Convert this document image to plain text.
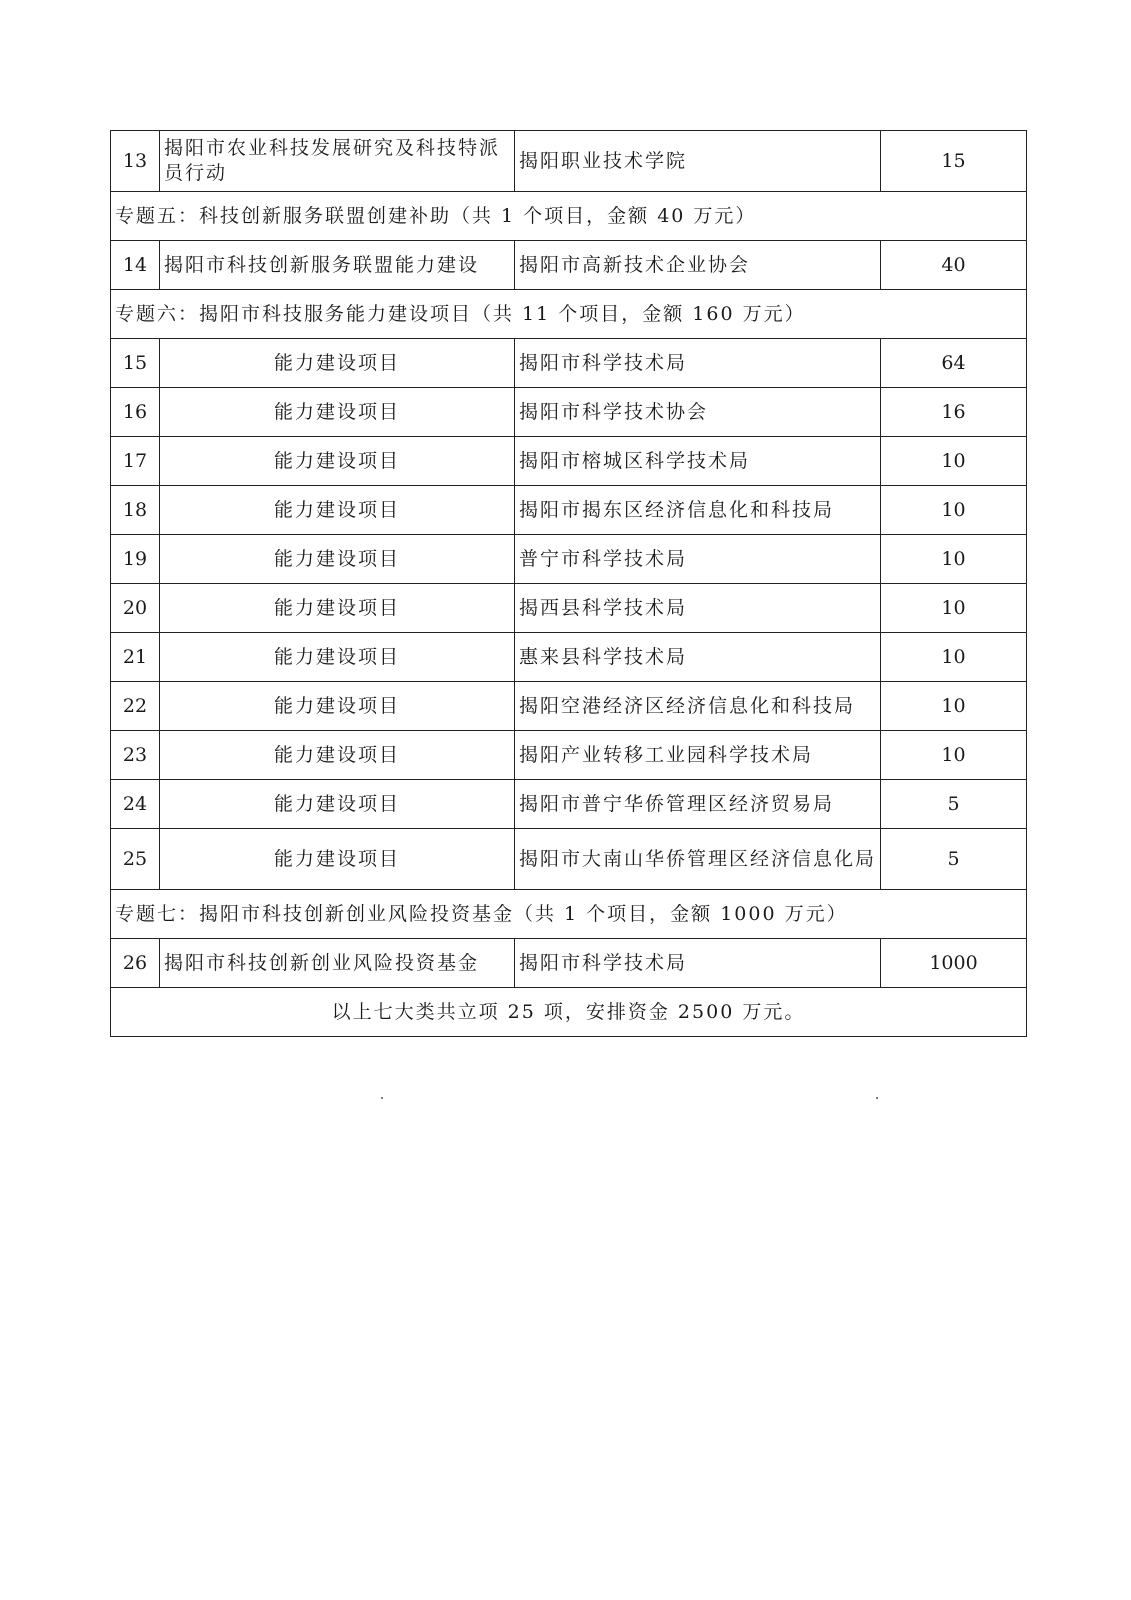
13	揭阳市农业科技发展研究及科技特派员行动	揭阳职业技术学院	15
专题五：科技创新服务联盟创建补助（共 1 个项目，金额 40 万元）			
14	揭阳市科技创新服务联盟能力建设	揭阳市高新技术企业协会	40
专题六：揭阳市科技服务能力建设项目（共 11 个项目，金额 160 万元）			
15	能力建设项目	揭阳市科学技术局	64
16	能力建设项目	揭阳市科学技术协会	16
17	能力建设项目	揭阳市榕城区科学技术局	10
18	能力建设项目	揭阳市揭东区经济信息化和科技局	10
19	能力建设项目	普宁市科学技术局	10
20	能力建设项目	揭西县科学技术局	10
21	能力建设项目	惠来县科学技术局	10
22	能力建设项目	揭阳空港经济区经济信息化和科技局	10
23	能力建设项目	揭阳产业转移工业园科学技术局	10
24	能力建设项目	揭阳市普宁华侨管理区经济贸易局	5
25	能力建设项目	揭阳市大南山华侨管理区经济信息化局	5
专题七：揭阳市科技创新创业风险投资基金（共 1 个项目，金额 1000 万元）			
26	揭阳市科技创新创业风险投资基金	揭阳市科学技术局	1000
以上七大类共立项 25 项，安排资金 2500 万元。			
